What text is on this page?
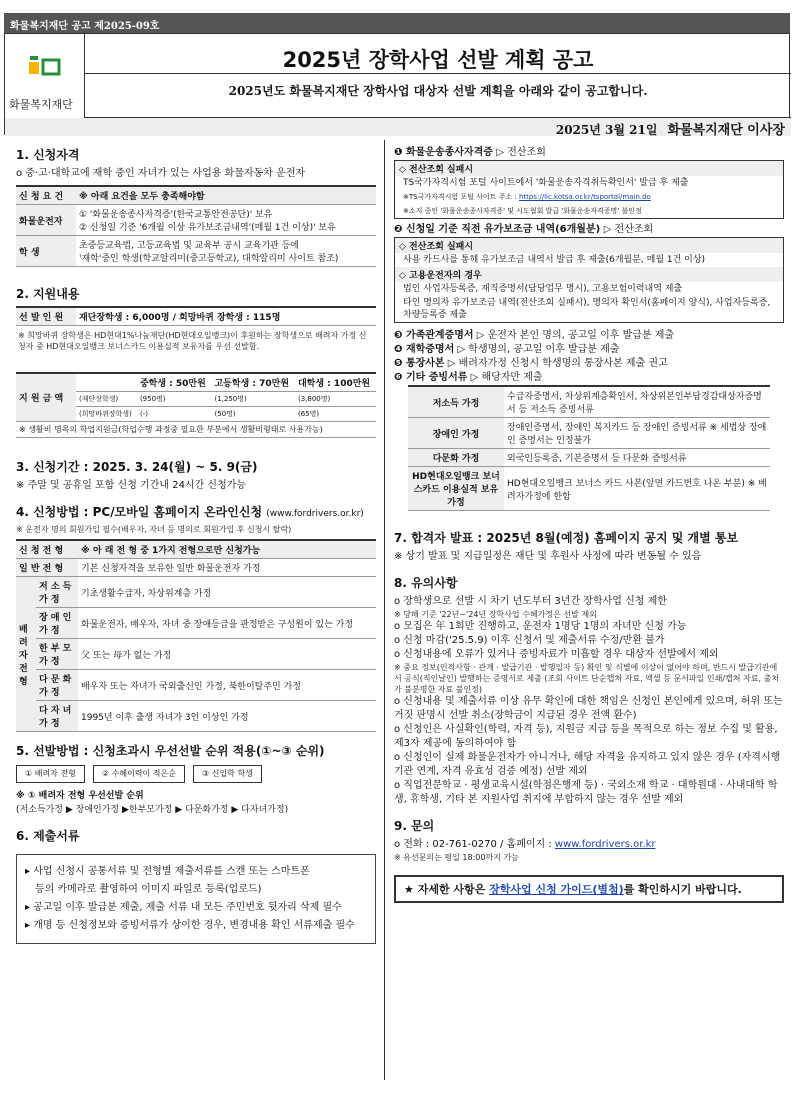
화물복지재단 공고 제2025-09호
화물복지재단
2025년 장학사업 선발 계획 공고
2025년도 화물복지재단 장학사업 대상자 선발 계획을 아래와 같이 공고합니다.
2025년 3월 21일 화물복지재단 이사장
1. 신청자격
o 중·고·대학교에 재학 중인 자녀가 있는 사업용 화물자동차 운전자
신 청 요 건	※ 아래 요건을 모두 충족해야함
화물운전자	① '화물운송종사자격증'(한국교통안전공단)' 보유
② 신청일 기준 '6개월 이상 유가보조금내역'(매월 1건 이상)' 보유

학 생	초중등교육법, 고등교육법 및 교육부 공시 교육기관 등에
'재학'중인 학생(학교알리미(중고등학교), 대학알리미 사이트 참조)
2. 지원내용
선 발 인 원	재단장학생 : 6,000명 / 희망바퀴 장학생 : 115명
※ 희망바퀴 장학생은 HD현대1%나눔재단(HD현대오일뱅크)이 후원하는 장학생으로 배려자 가정 신청자 중 HD현대오일뱅크 보너스카드 이용실적 보유자를 우선 선발함.
지 원 금 액		중학생 : 50만원	고등학생 : 70만원	대학생 : 100만원
	(재단장학생)	(950명)	(1,250명)	(3,800명)
	(희망바퀴장학생)	(-)	(50명)	(65명)
※ 생활비 명목의 학업지원금(학업수행 과정중 필요한 부분에서 생활비형태로 사용가능)				
3. 신청기간 : 2025. 3. 24(월) ~ 5. 9(금)
※ 주말 및 공휴일 포함 신청 기간내 24시간 신청가능
4. 신청방법 : PC/모바일 홈페이지 온라인신청 (www.fordrivers.or.kr)
※ 운전자 명의 회원가입 필수(배우자, 자녀 등 명의로 회원가입 후 신청시 탈락)
신 청 전 형		※ 아 래 전 형 중 1가지 전형으로만 신청가능
일 반 전 형		기본 신청자격을 보유한 일반 화물운전자 가정
배려자전형	저 소 득 가 정	기초생활수급자, 차상위계층 가정
	장 애 인 가 정	화물운전자, 배우자, 자녀 중 장애등급을 판정받은 구성원이 있는 가정
	한 부 모 가 정	父 또는 母가 없는 가정
	다 문 화 가 정	배우자 또는 자녀가 국외출신인 가정, 북한이탈주민 가정
	다 자 녀 가 정	1995년 이후 출생 자녀가 3인 이상인 가정
5. 선발방법 : 신청초과시 우선선발 순위 적용(①~③ 순위)
① 배려자 전형	② 수혜이력이 적은순	③ 신입학 학생
※ ① 배려자 전형 우선선발 순위
(저소득가정 ▶ 장애인가정 ▶한부모가정 ▶ 다문화가정 ▶ 다자녀가정)
6. 제출서류
▸ 사업 신청시 공통서류 및 전형별 제출서류를 스캔 또는 스마트폰
등의 카메라로 촬영하여 이미지 파일로 등록(업로드)
▸ 공고일 이후 발급분 제출, 제출 서류 내 모든 주민번호 뒷자리 삭제 필수
▸ 개명 등 신청정보와 증빙서류가 상이한 경우, 변경내용 확인 서류제출 필수
❶ 화물운송종사자격증 ▷ 전산조회
◇ 전산조회 실패시
TS국가자격시험 포털 사이트에서 '화물운송자격취득확인서' 발급 후 제출
※TS국가자격시험 포털 사이트 주소 : https://lic.kotsa.or.kr/tsportal/main.do
※소지 중인 '화물운송종사자격증' 및 시도협회 발급 '화물운송자격증명' 불인정
❷ 신청일 기준 직전 유가보조금 내역(6개월분) ▷ 전산조회
◇ 전산조회 실패시
사용 카드사를 통해 유가보조금 내역서 발급 후 제출(6개월분, 매월 1건 이상)
◇ 고용운전자의 경우
법인 사업자등록증, 재직증명서(담당업무 명시), 고용보험이력내역 제출
타인 명의자 유가보조금 내역(전산조회 실패시), 명의자 확인서(홈페이지 양식), 사업자등록증, 차량등록증 제출
❸ 가족관계증명서 ▷ 운전자 본인 명의, 공고일 이후 발급분 제출
❹ 재학증명서 ▷ 학생명의, 공고일 이후 발급분 제출
❺ 통장사본 ▷ 배려자가정 신청시 학생명의 통장사본 제출 권고
❻ 기타 증빙서류 ▷ 해당자만 제출
저소득 가정	수급자증명서, 차상위계층확인서, 차상위본인부담경감대상자증명서 등 저소득 증빙서류
장애인 가정	장애인증명서, 장애인 복지카드 등 장애인 증빙서류 ※ 세법상 장애인 증명서는 인정불가
다문화 가정	외국인등록증, 기본증명서 등 다문화 증빙서류
HD현대오일뱅크 보너스카드 이용실적 보유 가정	HD현대오일뱅크 보너스 카드 사본(앞면 카드번호 나온 부분) ※ 배려자가정에 한함
7. 합격자 발표 : 2025년 8월(예정) 홈페이지 공지 및 개별 통보
※ 상기 발표 및 지급일정은 재단 및 후원사 사정에 따라 변동될 수 있음
8. 유의사항
o 장학생으로 선발 시 차기 년도부터 3년간 장학사업 신청 제한
※ 당해 기준 '22년~'24년 장학사업 수혜가정은 선발 제외
o 모집은 年 1회만 진행하고, 운전자 1명당 1명의 자녀만 신청 가능
o 신청 마감('25.5.9) 이후 신청서 및 제출서류 수정/반환 불가
o 신청내용에 오류가 있거나 증빙자료가 미흡할 경우 대상자 선발에서 제외
※ 중요 정보(인적사항 · 관계 · 발급기관 · 발행일자 등) 확인 및 식별에 이상이 없어야 하며, 반드시 발급기관에서 공식(직인날인) 발행하는 증명서로 제출 (조회 사이트 단순캡쳐 자료, 액셀 등 문서파일 인쇄/캡쳐 자료, 출처가 불분명한 자료 불인정)
o 신청내용 및 제출서류 이상 유무 확인에 대한 책임은 신청인 본인에게 있으며, 허위 또는 거짓 판명시 선발 취소(장학금이 지급된 경우 전액 환수)
o 신청인은 사실확인(학력, 자격 등), 지원금 지급 등을 목적으로 하는 정보 수집 및 활용, 제3자 제공에 동의하여야 함
o 신청인이 실제 화물운전자가 아니거나, 해당 자격을 유지하고 있지 않은 경우 (자격시행기관 연계, 자격 유효성 검증 예정) 선발 제외
o 직업전문학교 · 평생교육시설(학점은행제 등) · 국외소재 학교 · 대학원대 · 사내대학 학생, 휴학생, 기타 본 지원사업 취지에 부합하지 않는 경우 선발 제외
9. 문의
o 전화 : 02-761-0270 / 홈페이지 : www.fordrivers.or.kr
※ 유선문의는 평일 18:00까지 가능
★ 자세한 사항은 장학사업 신청 가이드(별첨)를 확인하시기 바랍니다.
